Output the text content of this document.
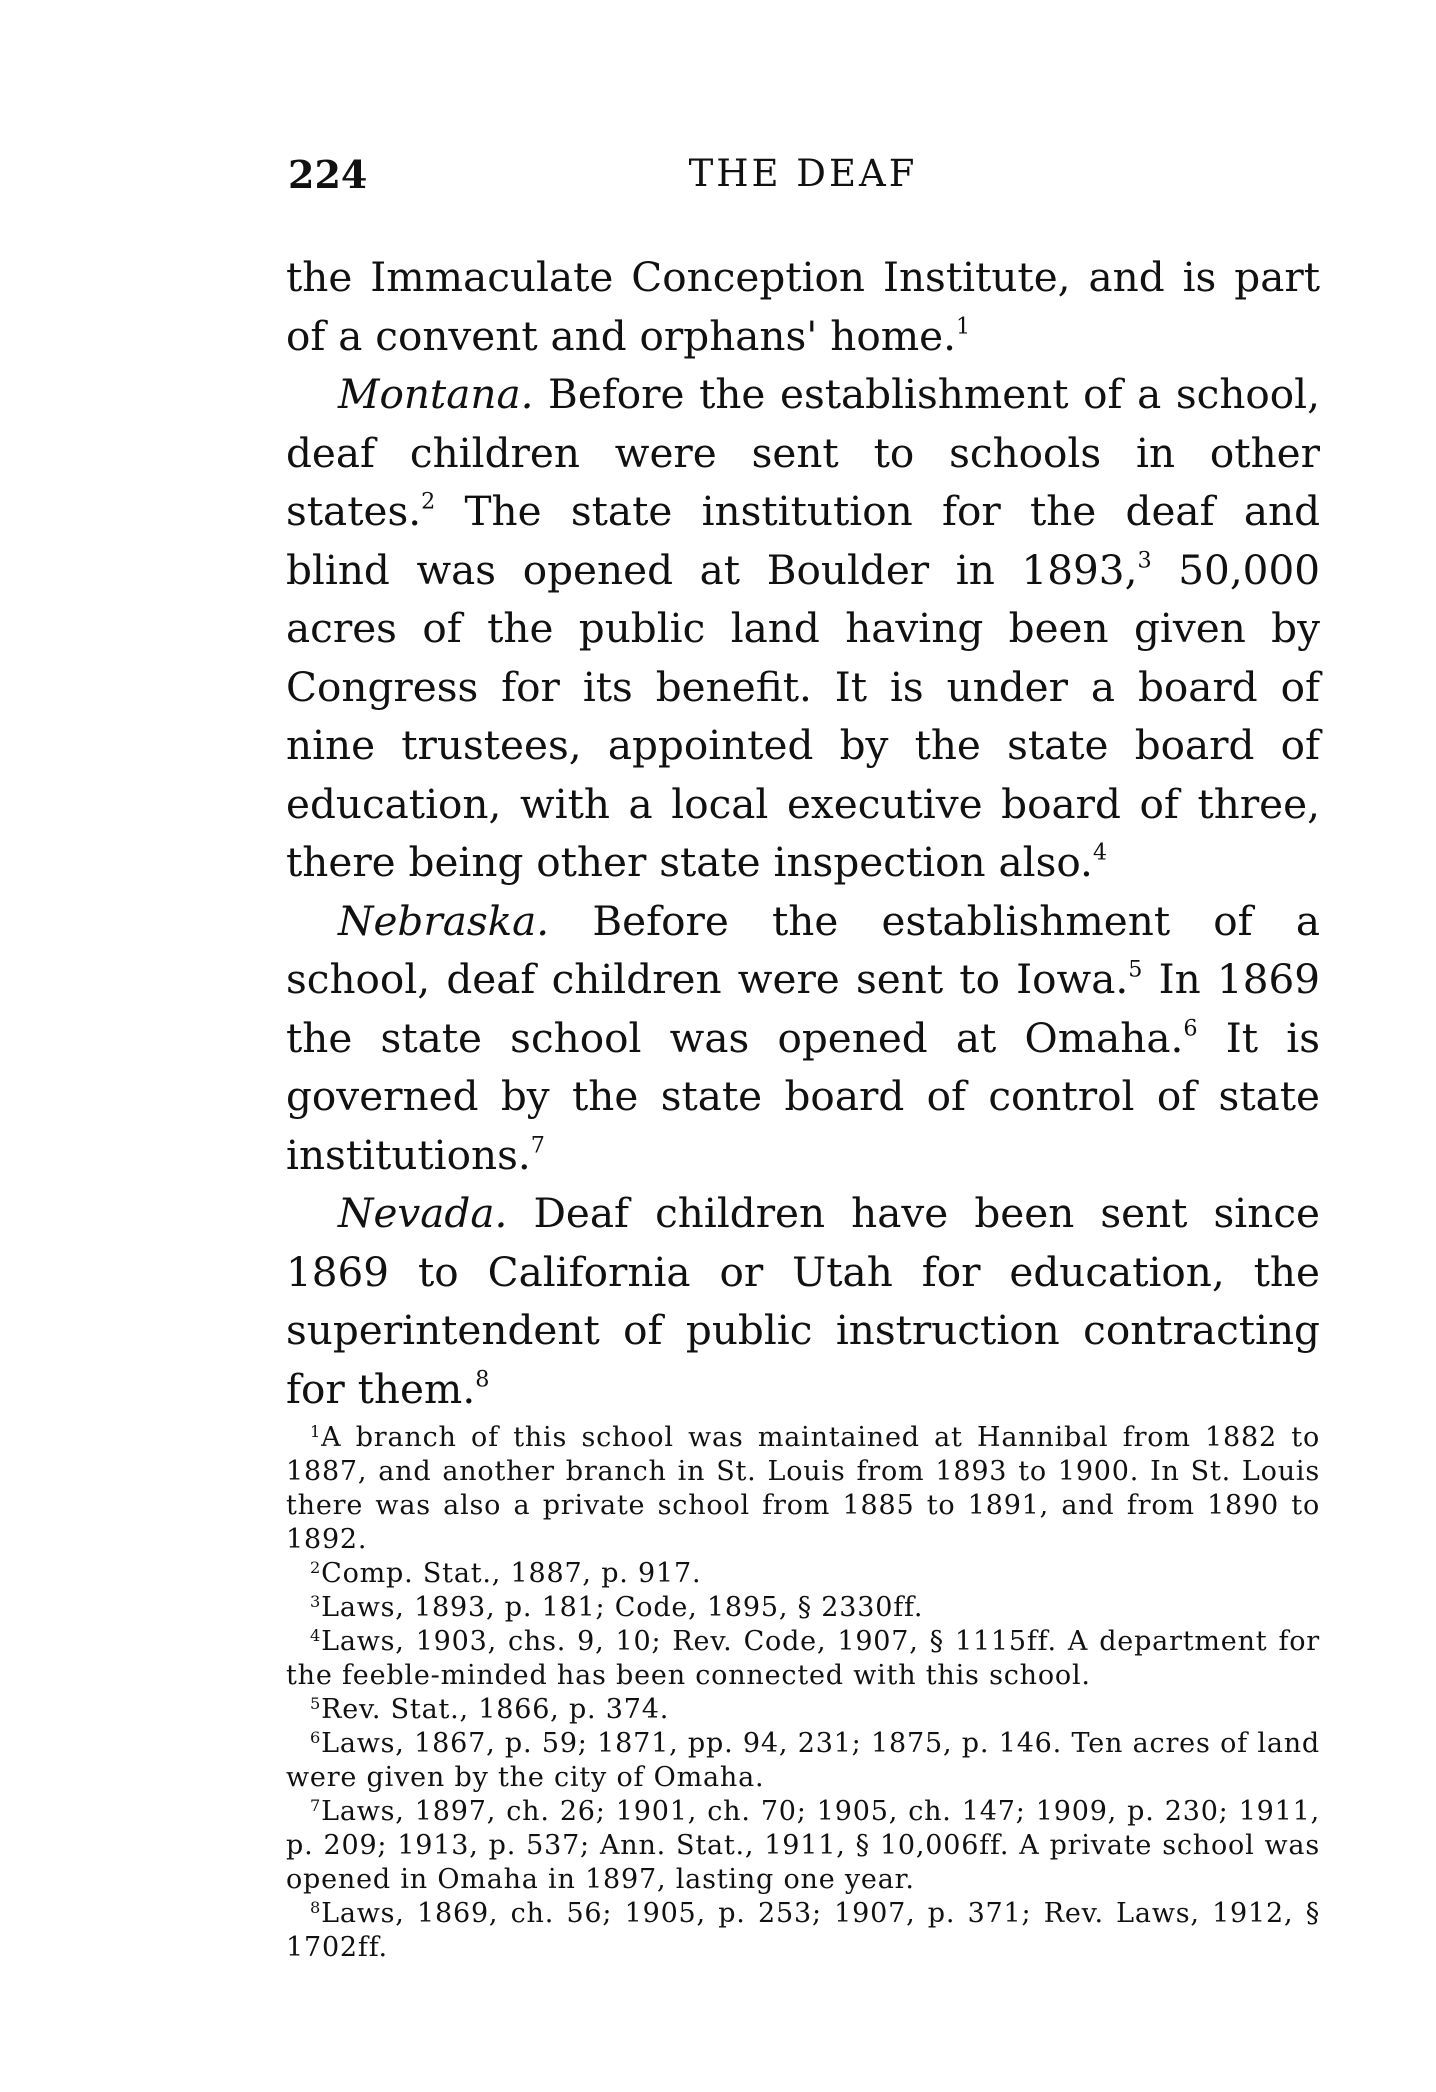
224	THE DEAF

the Immaculate Conception Institute, and is part of a convent and orphans' home.$^1$

Montana. Before the establishment of a school, deaf children were sent to schools in other states.$^2$ The state institution for the deaf and blind was opened at Boulder in 1893,$^3$ 50,000 acres of the public land having been given by Congress for its benefit. It is under a board of nine trustees, appointed by the state board of education, with a local executive board of three, there being other state inspection also.$^4$

Nebraska. Before the establishment of a school, deaf children were sent to Iowa.$^5$ In 1869 the state school was opened at Omaha.$^6$ It is governed by the state board of control of state institutions.$^7$

Nevada. Deaf children have been sent since 1869 to California or Utah for education, the superintendent of public instruction contracting for them.$^8$

$^1$A branch of this school was maintained at Hannibal from 1882 to 1887, and another branch in St. Louis from 1893 to 1900. In St. Louis there was also a private school from 1885 to 1891, and from 1890 to 1892.

$^2$Comp. Stat., 1887, p. 917.

$^3$Laws, 1893, p. 181; Code, 1895, § 2330ff.

$^4$Laws, 1903, chs. 9, 10; Rev. Code, 1907, § 1115ff. A department for the feeble-minded has been connected with this school.

$^5$Rev. Stat., 1866, p. 374.

$^6$Laws, 1867, p. 59; 1871, pp. 94, 231; 1875, p. 146. Ten acres of land were given by the city of Omaha.

$^7$Laws, 1897, ch. 26; 1901, ch. 70; 1905, ch. 147; 1909, p. 230; 1911, p. 209; 1913, p. 537; Ann. Stat., 1911, § 10,006ff. A private school was opened in Omaha in 1897, lasting one year.

$^8$Laws, 1869, ch. 56; 1905, p. 253; 1907, p. 371; Rev. Laws, 1912, § 1702ff.
